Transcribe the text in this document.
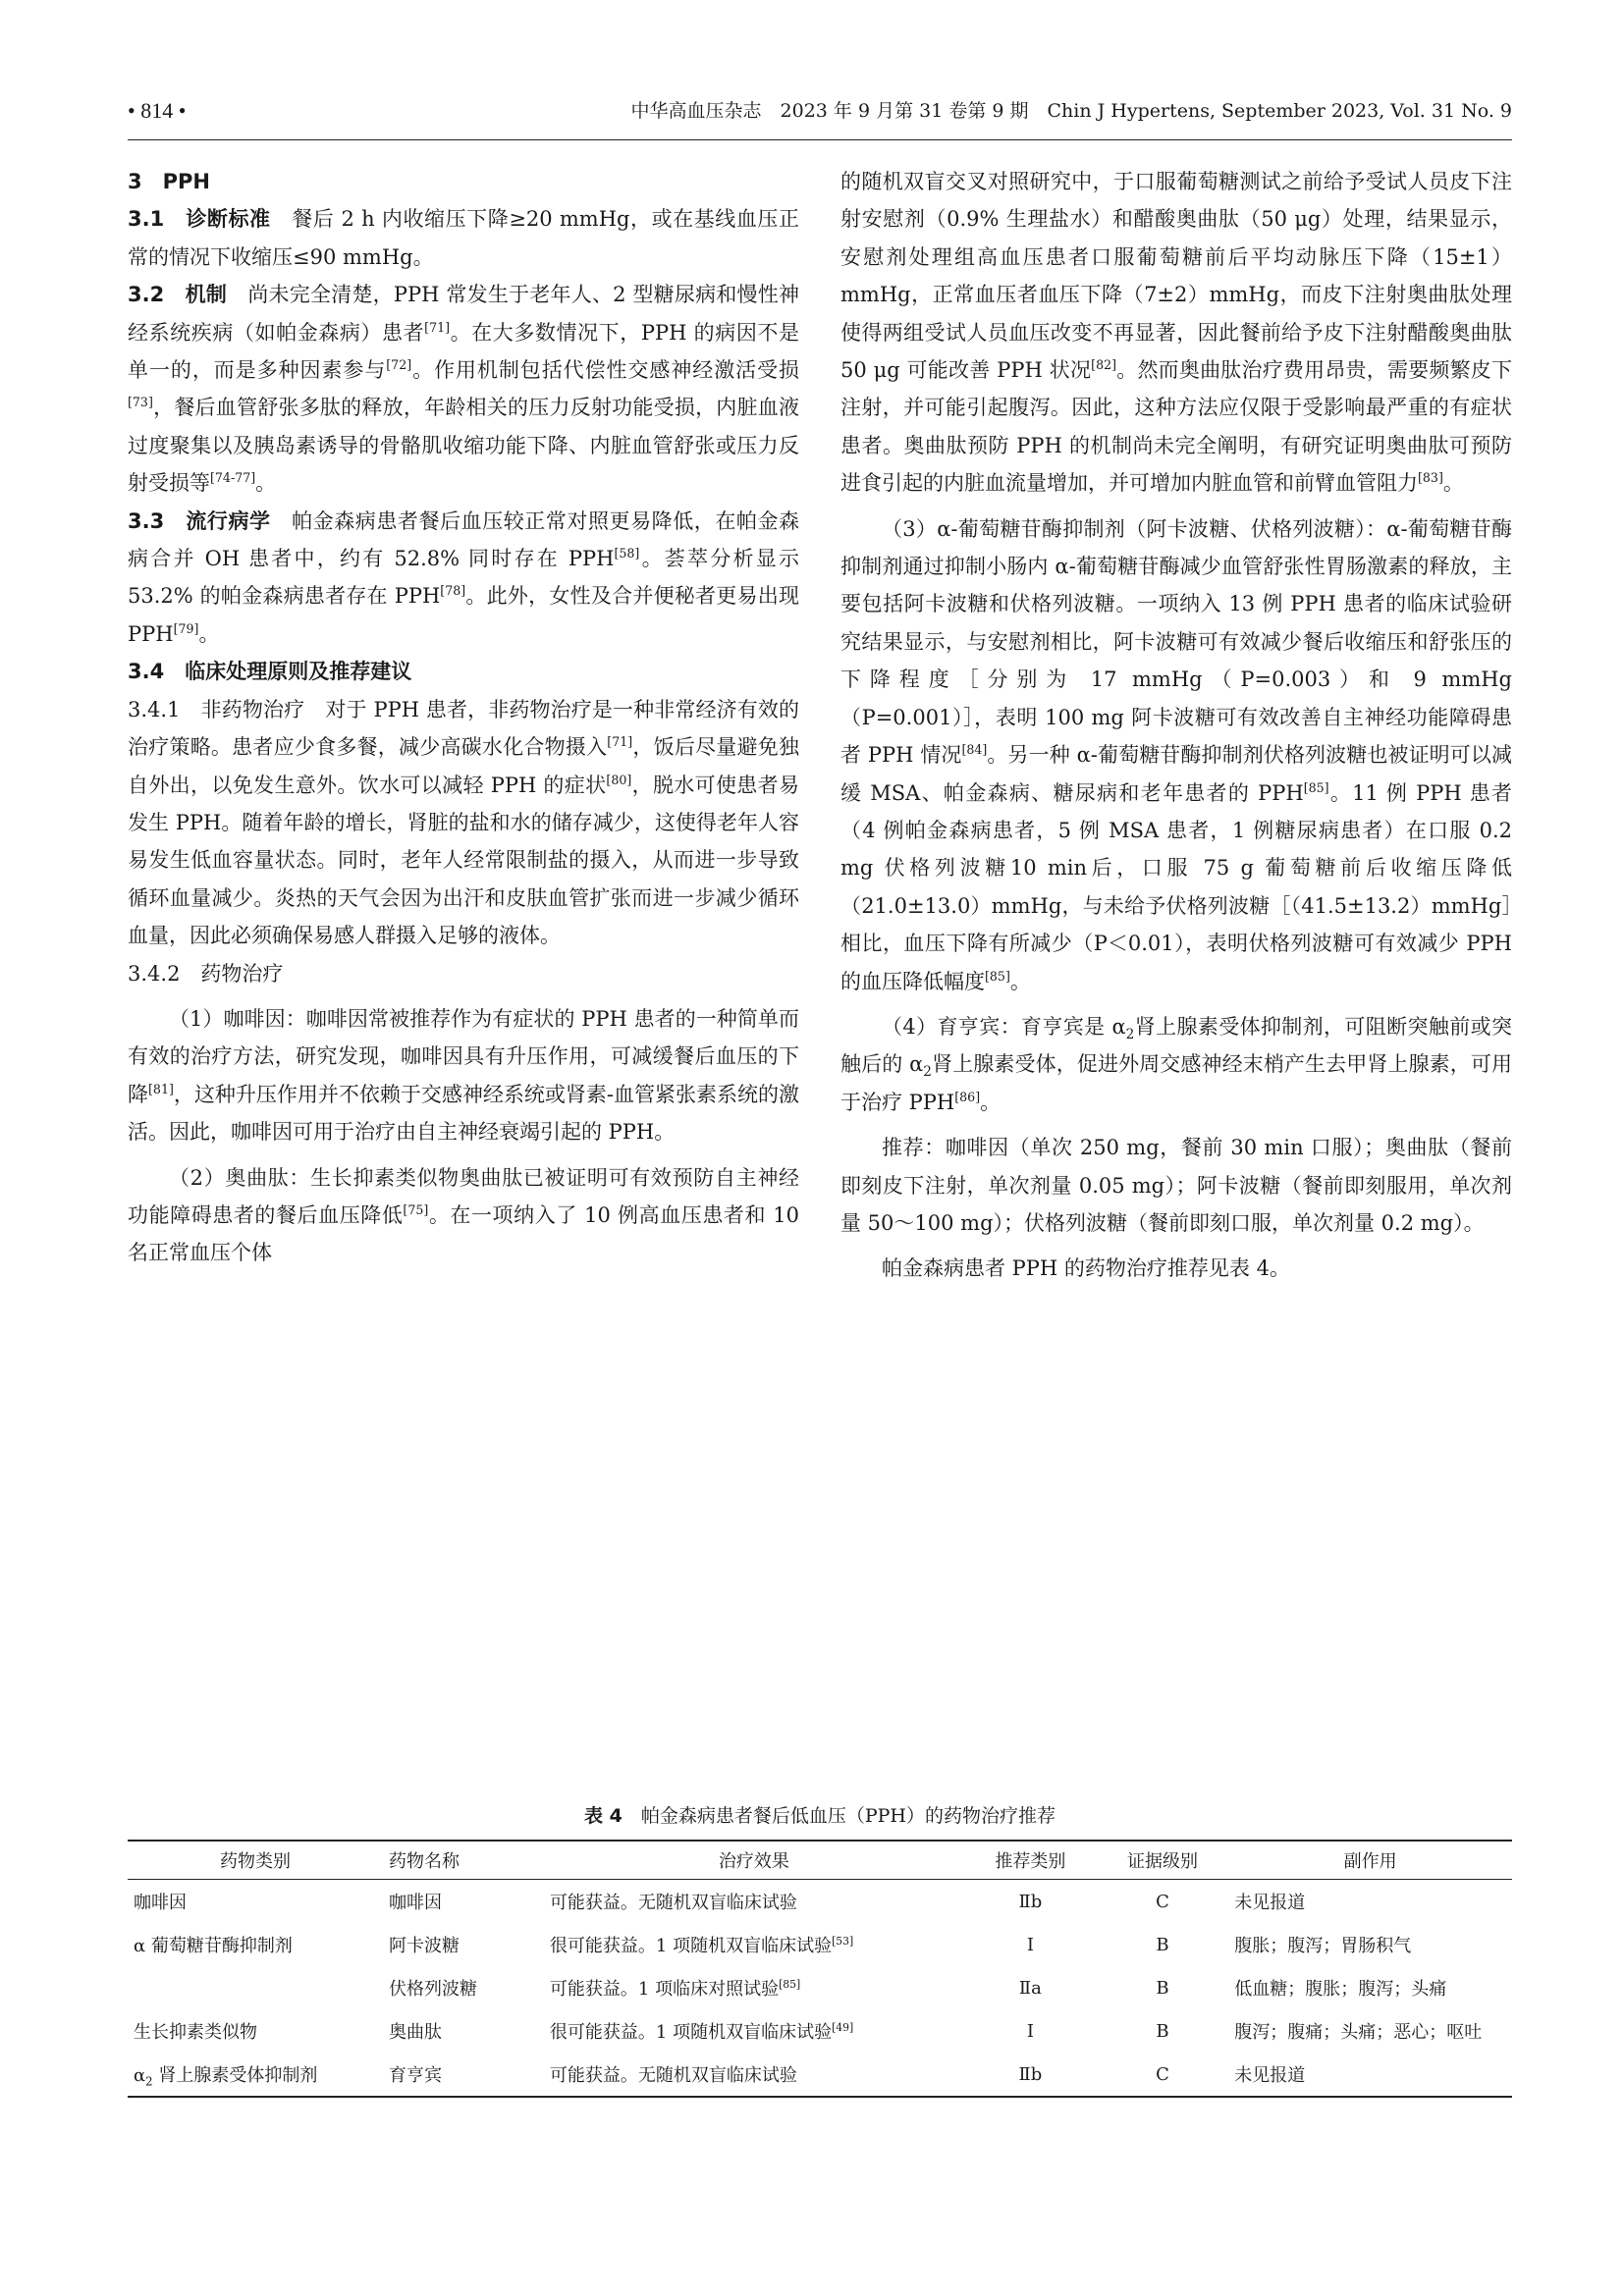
• 814 •	中华高血压杂志　2023 年 9 月第 31 卷第 9 期　Chin J Hypertens, September 2023, Vol. 31 No. 9

3　PPH

3.1　诊断标准　餐后 2 h 内收缩压下降≥20 mmHg，或在基线血压正常的情况下收缩压≤90 mmHg。

3.2　机制　尚未完全清楚，PPH 常发生于老年人、2 型糖尿病和慢性神经系统疾病（如帕金森病）患者[71]。在大多数情况下，PPH 的病因不是单一的，而是多种因素参与[72]。作用机制包括代偿性交感神经激活受损[73]，餐后血管舒张多肽的释放，年龄相关的压力反射功能受损，内脏血液过度聚集以及胰岛素诱导的骨骼肌收缩功能下降、内脏血管舒张或压力反射受损等[74-77]。

3.3　流行病学　帕金森病患者餐后血压较正常对照更易降低，在帕金森病合并 OH 患者中，约有 52.8% 同时存在 PPH[58]。荟萃分析显示 53.2% 的帕金森病患者存在 PPH[78]。此外，女性及合并便秘者更易出现 PPH[79]。

3.4　临床处理原则及推荐建议

3.4.1　非药物治疗　对于 PPH 患者，非药物治疗是一种非常经济有效的治疗策略。患者应少食多餐，减少高碳水化合物摄入[71]，饭后尽量避免独自外出，以免发生意外。饮水可以减轻 PPH 的症状[80]，脱水可使患者易发生 PPH。随着年龄的增长，肾脏的盐和水的储存减少，这使得老年人容易发生低血容量状态。同时，老年人经常限制盐的摄入，从而进一步导致循环血量减少。炎热的天气会因为出汗和皮肤血管扩张而进一步减少循环血量，因此必须确保易感人群摄入足够的液体。

3.4.2　药物治疗

（1）咖啡因：咖啡因常被推荐作为有症状的 PPH 患者的一种简单而有效的治疗方法，研究发现，咖啡因具有升压作用，可减缓餐后血压的下降[81]，这种升压作用并不依赖于交感神经系统或肾素-血管紧张素系统的激活。因此，咖啡因可用于治疗由自主神经衰竭引起的 PPH。

（2）奥曲肽：生长抑素类似物奥曲肽已被证明可有效预防自主神经功能障碍患者的餐后血压降低[75]。在一项纳入了 10 例高血压患者和 10 名正常血压个体

的随机双盲交叉对照研究中，于口服葡萄糖测试之前给予受试人员皮下注射安慰剂（0.9% 生理盐水）和醋酸奥曲肽（50 μg）处理，结果显示，安慰剂处理组高血压患者口服葡萄糖前后平均动脉压下降（15±1）mmHg，正常血压者血压下降（7±2）mmHg，而皮下注射奥曲肽处理使得两组受试人员血压改变不再显著，因此餐前给予皮下注射醋酸奥曲肽 50 μg 可能改善 PPH 状况[82]。然而奥曲肽治疗费用昂贵，需要频繁皮下注射，并可能引起腹泻。因此，这种方法应仅限于受影响最严重的有症状患者。奥曲肽预防 PPH 的机制尚未完全阐明，有研究证明奥曲肽可预防进食引起的内脏血流量增加，并可增加内脏血管和前臂血管阻力[83]。

（3）α-葡萄糖苷酶抑制剂（阿卡波糖、伏格列波糖）：α-葡萄糖苷酶抑制剂通过抑制小肠内 α-葡萄糖苷酶减少血管舒张性胃肠激素的释放，主要包括阿卡波糖和伏格列波糖。一项纳入 13 例 PPH 患者的临床试验研究结果显示，与安慰剂相比，阿卡波糖可有效减少餐后收缩压和舒张压的下降程度［分别为 17 mmHg（P=0.003）和 9 mmHg（P=0.001）］，表明 100 mg 阿卡波糖可有效改善自主神经功能障碍患者 PPH 情况[84]。另一种 α-葡萄糖苷酶抑制剂伏格列波糖也被证明可以减缓 MSA、帕金森病、糖尿病和老年患者的 PPH[85]。11 例 PPH 患者（4 例帕金森病患者，5 例 MSA 患者，1 例糖尿病患者）在口服 0.2 mg 伏格列波糖10 min后，口服 75 g 葡萄糖前后收缩压降低（21.0±13.0）mmHg，与未给予伏格列波糖［（41.5±13.2）mmHg］相比，血压下降有所减少（P＜0.01），表明伏格列波糖可有效减少 PPH 的血压降低幅度[85]。

（4）育亨宾：育亨宾是 $\alpha_2$肾上腺素受体抑制剂，可阻断突触前或突触后的 $\alpha_2$肾上腺素受体，促进外周交感神经末梢产生去甲肾上腺素，可用于治疗 PPH[86]。

推荐：咖啡因（单次 250 mg，餐前 30 min 口服）；奥曲肽（餐前即刻皮下注射，单次剂量 0.05 mg）；阿卡波糖（餐前即刻服用，单次剂量 50～100 mg）；伏格列波糖（餐前即刻口服，单次剂量 0.2 mg）。

帕金森病患者 PPH 的药物治疗推荐见表 4。

表 4　帕金森病患者餐后低血压（PPH）的药物治疗推荐
药物类别	药物名称	治疗效果	推荐类别	证据级别	副作用
咖啡因	咖啡因	可能获益。无随机双盲临床试验	Ⅱb	C	未见报道
α 葡萄糖苷酶抑制剂	阿卡波糖	很可能获益。1 项随机双盲临床试验[53]	Ⅰ	B	腹胀；腹泻；胃肠积气
	伏格列波糖	可能获益。1 项临床对照试验[85]	Ⅱa	B	低血糖；腹胀；腹泻；头痛
生长抑素类似物	奥曲肽	很可能获益。1 项随机双盲临床试验[49]	Ⅰ	B	腹泻；腹痛；头痛；恶心；呕吐
$\alpha_2$ 肾上腺素受体抑制剂	育亨宾	可能获益。无随机双盲临床试验	Ⅱb	C	未见报道
